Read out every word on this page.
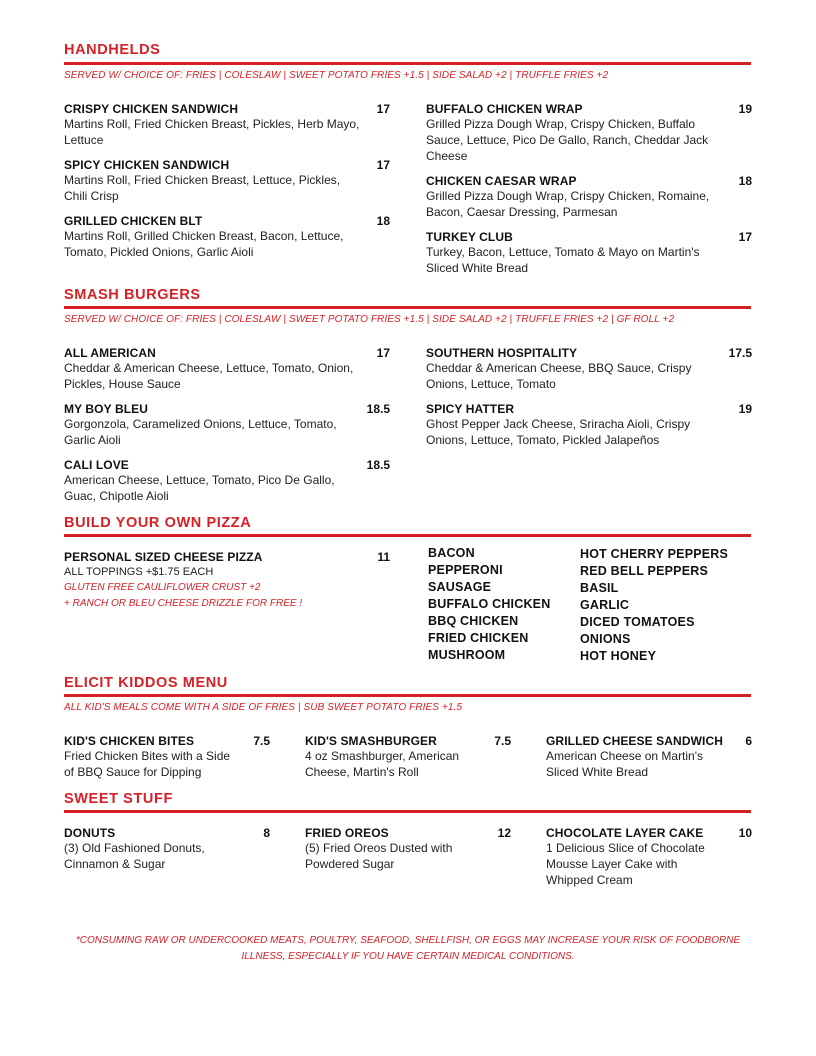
HANDHELDS
SERVED W/ CHOICE OF: FRIES | COLESLAW | SWEET POTATO FRIES +1.5 | SIDE SALAD +2 | TRUFFLE FRIES +2
CRISPY CHICKEN SANDWICH	17
Martins Roll, Fried Chicken Breast, Pickles, Herb Mayo, Lettuce
SPICY CHICKEN SANDWICH	17
Martins Roll, Fried Chicken Breast, Lettuce, Pickles, Chili Crisp
GRILLED CHICKEN BLT	18
Martins Roll, Grilled Chicken Breast, Bacon, Lettuce, Tomato, Pickled Onions, Garlic Aioli
BUFFALO CHICKEN WRAP	19
Grilled Pizza Dough Wrap, Crispy Chicken, Buffalo Sauce, Lettuce, Pico De Gallo, Ranch, Cheddar Jack Cheese
CHICKEN CAESAR WRAP	18
Grilled Pizza Dough Wrap, Crispy Chicken, Romaine, Bacon, Caesar Dressing, Parmesan
TURKEY CLUB	17
Turkey, Bacon, Lettuce, Tomato & Mayo on Martin's Sliced White Bread
SMASH BURGERS
SERVED W/ CHOICE OF: FRIES | COLESLAW | SWEET POTATO FRIES +1.5 | SIDE SALAD +2 | TRUFFLE FRIES +2 | GF ROLL +2
ALL AMERICAN	17
Cheddar & American Cheese, Lettuce, Tomato, Onion, Pickles, House Sauce
MY BOY BLEU	18.5
Gorgonzola, Caramelized Onions, Lettuce, Tomato, Garlic Aioli
CALI LOVE	18.5
American Cheese, Lettuce, Tomato, Pico De Gallo, Guac, Chipotle Aioli
SOUTHERN HOSPITALITY	17.5
Cheddar & American Cheese, BBQ Sauce, Crispy Onions, Lettuce, Tomato
SPICY HATTER	19
Ghost Pepper Jack Cheese, Sriracha Aioli, Crispy Onions, Lettuce, Tomato, Pickled Jalapeños
BUILD YOUR OWN PIZZA
PERSONAL SIZED CHEESE PIZZA	11
ALL TOPPINGS +$1.75 EACH
GLUTEN FREE CAULIFLOWER CRUST +2
+ RANCH OR BLEU CHEESE DRIZZLE FOR FREE !
BACON
PEPPERONI
SAUSAGE
BUFFALO CHICKEN
BBQ CHICKEN
FRIED CHICKEN
MUSHROOM
HOT CHERRY PEPPERS
RED BELL PEPPERS
BASIL
GARLIC
DICED TOMATOES
ONIONS
HOT HONEY
ELICIT KIDDOS MENU
ALL KID'S MEALS COME WITH A SIDE OF FRIES | SUB SWEET POTATO FRIES +1.5
KID'S CHICKEN BITES	7.5
Fried Chicken Bites with a Side of BBQ Sauce for Dipping
KID'S SMASHBURGER	7.5
4 oz Smashburger, American Cheese, Martin's Roll
GRILLED CHEESE SANDWICH	6
American Cheese on Martin's Sliced White Bread
SWEET STUFF
DONUTS	8
(3) Old Fashioned Donuts, Cinnamon & Sugar
FRIED OREOS	12
(5) Fried Oreos Dusted with Powdered Sugar
CHOCOLATE LAYER CAKE	10
1 Delicious Slice of Chocolate Mousse Layer Cake with Whipped Cream
*CONSUMING RAW OR UNDERCOOKED MEATS, POULTRY, SEAFOOD, SHELLFISH, OR EGGS MAY INCREASE YOUR RISK OF FOODBORNE ILLNESS, ESPECIALLY IF YOU HAVE CERTAIN MEDICAL CONDITIONS.
